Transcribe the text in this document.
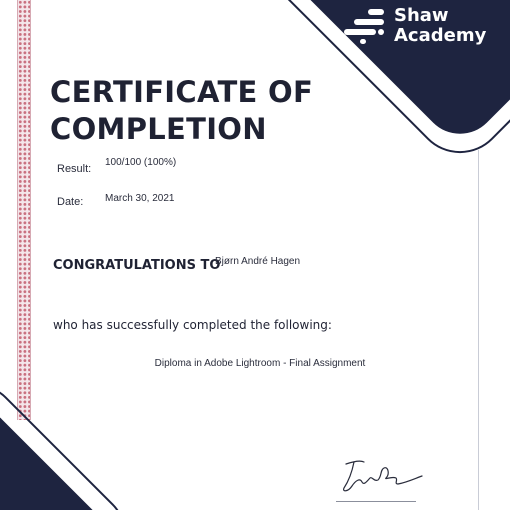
Shaw
Academy
CERTIFICATE OF
COMPLETION
Result:
100/100 (100%)
Date: March 30, 2021
CONGRATULATIONS TO
Bjørn André Hagen
who has successfully completed the following:
Diploma in Adobe Lightroom - Final Assignment
